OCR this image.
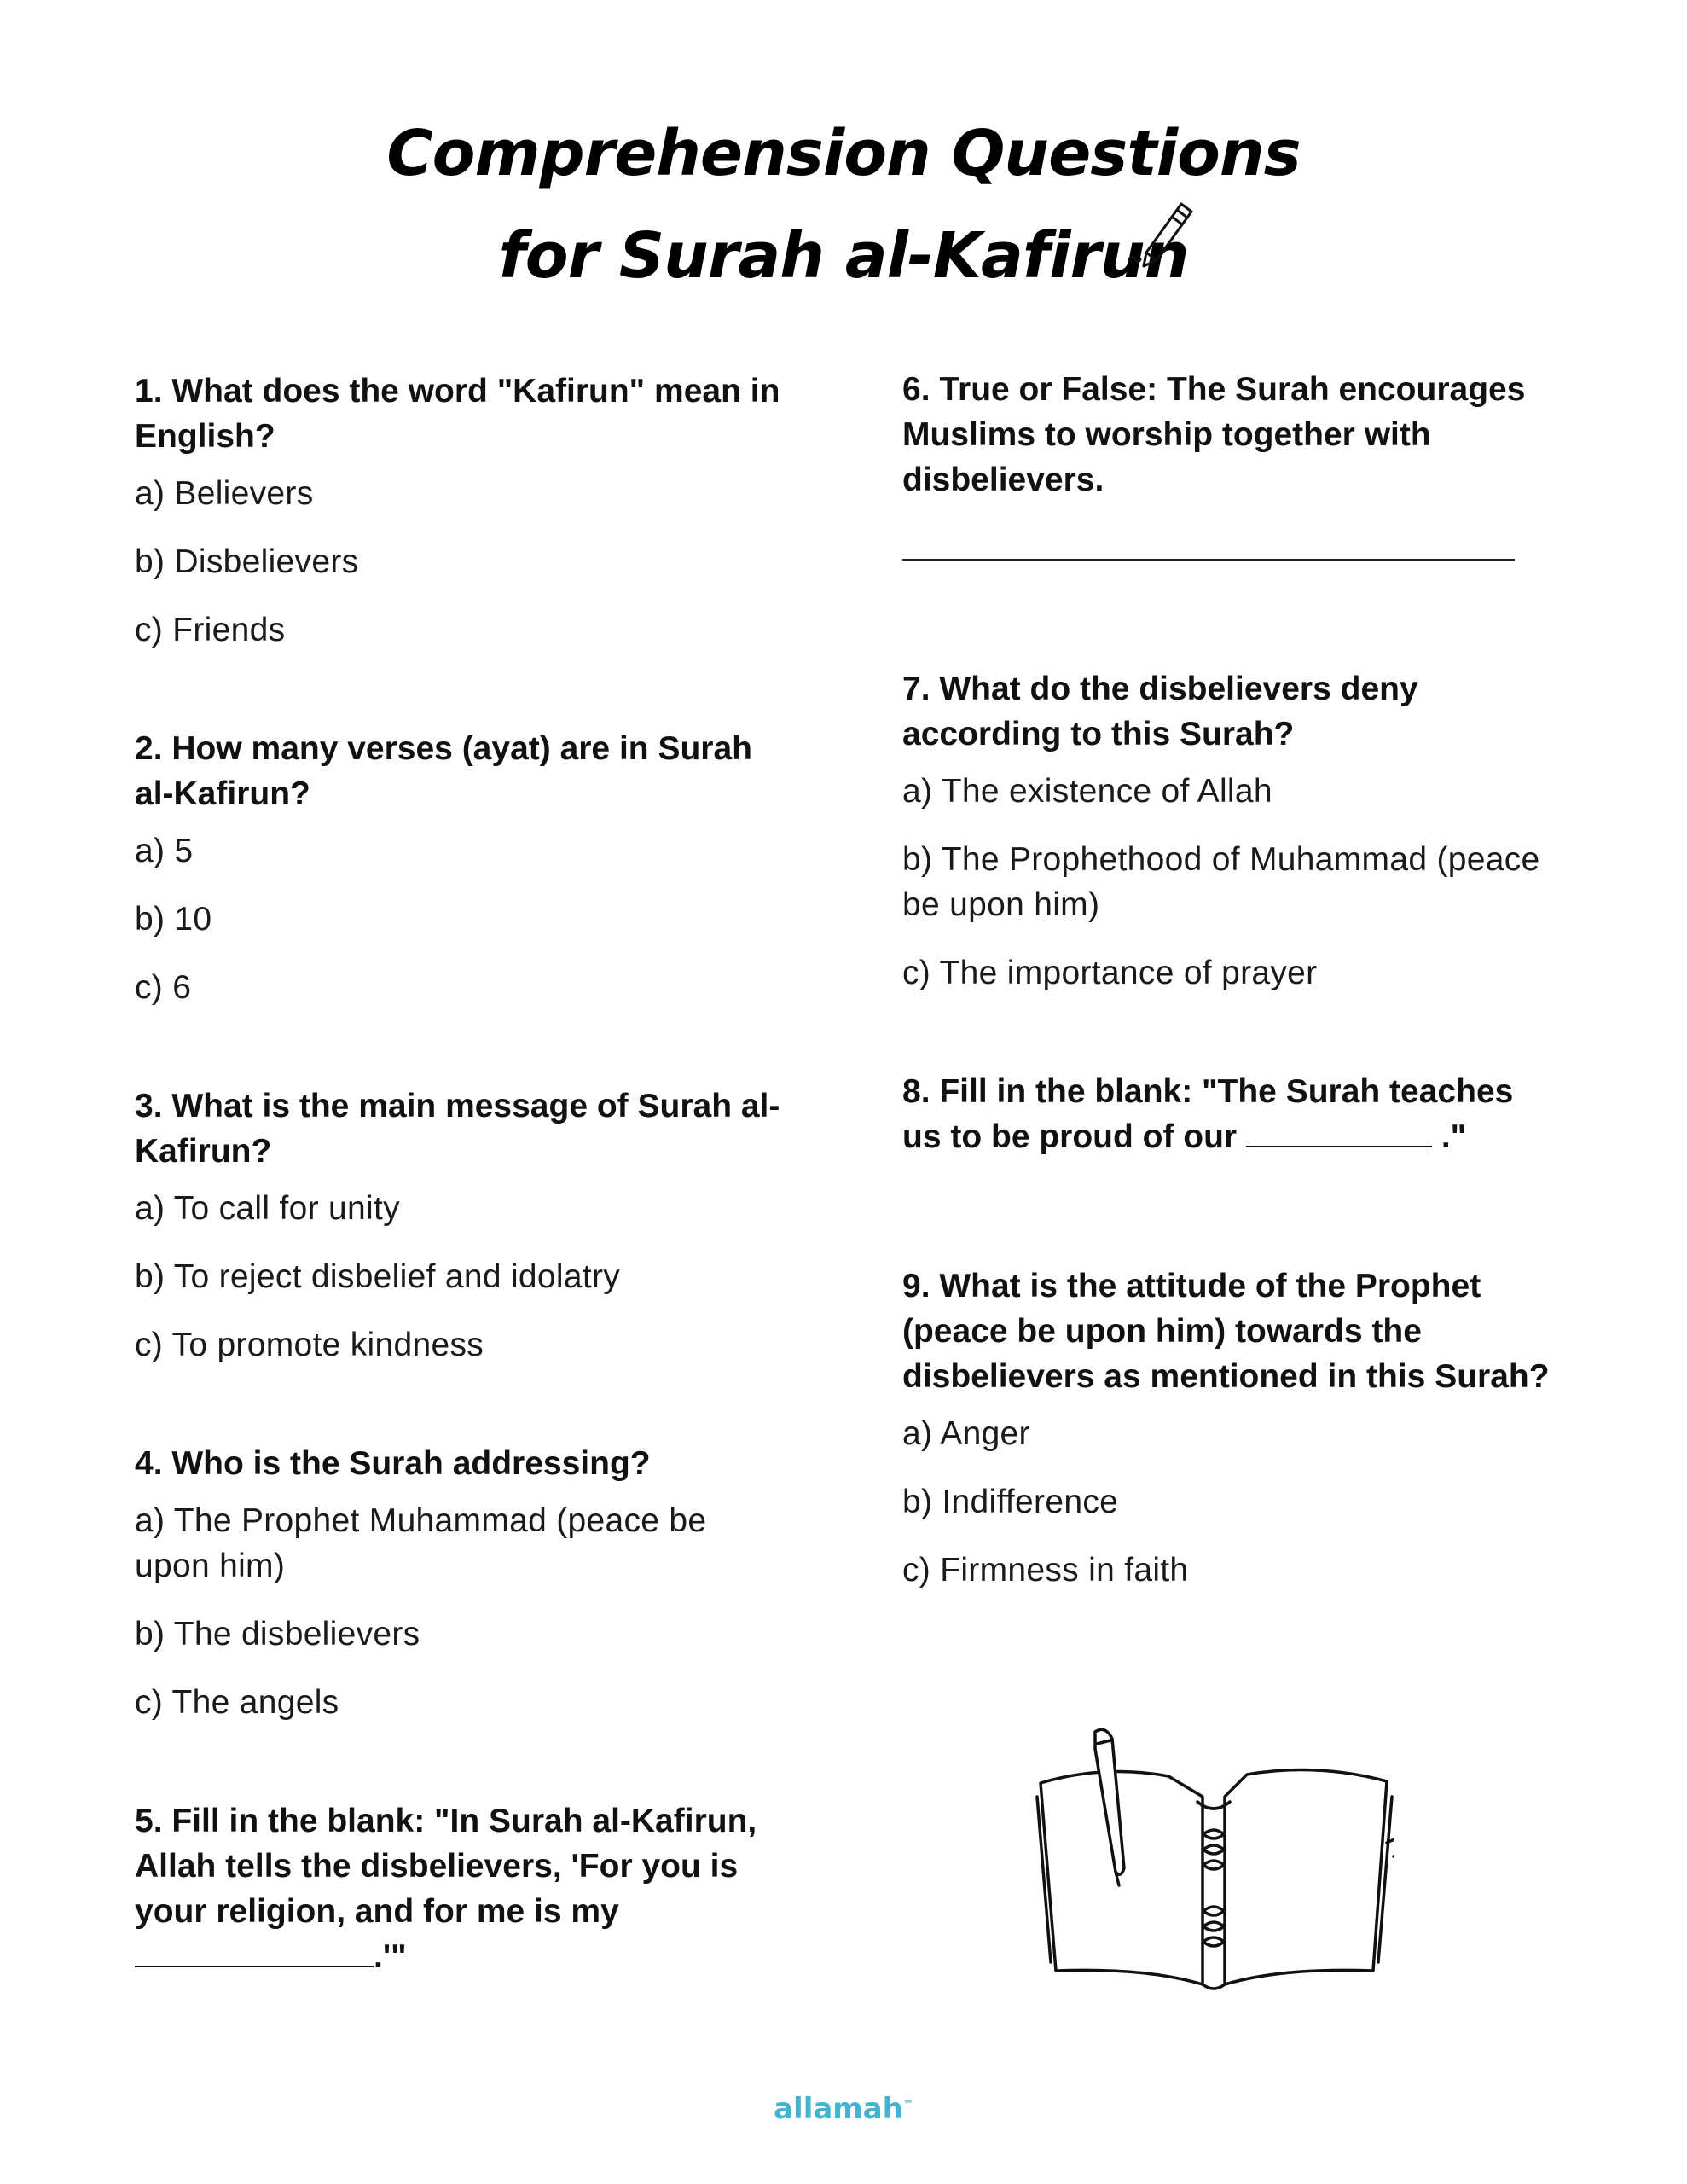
Comprehension Questions
for Surah al-Kafirun

1. What does the word "Kafirun" mean in English?

a) Believers
b) Disbelievers
c) Friends

2. How many verses (ayat) are in Surah al-Kafirun?

a) 5
b) 10
c) 6

3. What is the main message of Surah al-Kafirun?

a) To call for unity
b) To reject disbelief and idolatry
c) To promote kindness

4. Who is the Surah addressing?

a) The Prophet Muhammad (peace be upon him)
b) The disbelievers
c) The angels

5. Fill in the blank: "In Surah al-Kafirun, Allah tells the disbelievers, 'For you is your religion, and for me is my .'"

6. True or False: The Surah encourages Muslims to worship together with disbelievers.

7. What do the disbelievers deny according to this Surah?

a) The existence of Allah
b) The Prophethood of Muhammad (peace be upon him)
c) The importance of prayer

8. Fill in the blank: "The Surah teaches us to be proud of our	."

9. What is the attitude of the Prophet (peace be upon him) towards the disbelievers as mentioned in this Surah?

a) Anger
b) Indifference
c) Firmness in faith
allamah™
